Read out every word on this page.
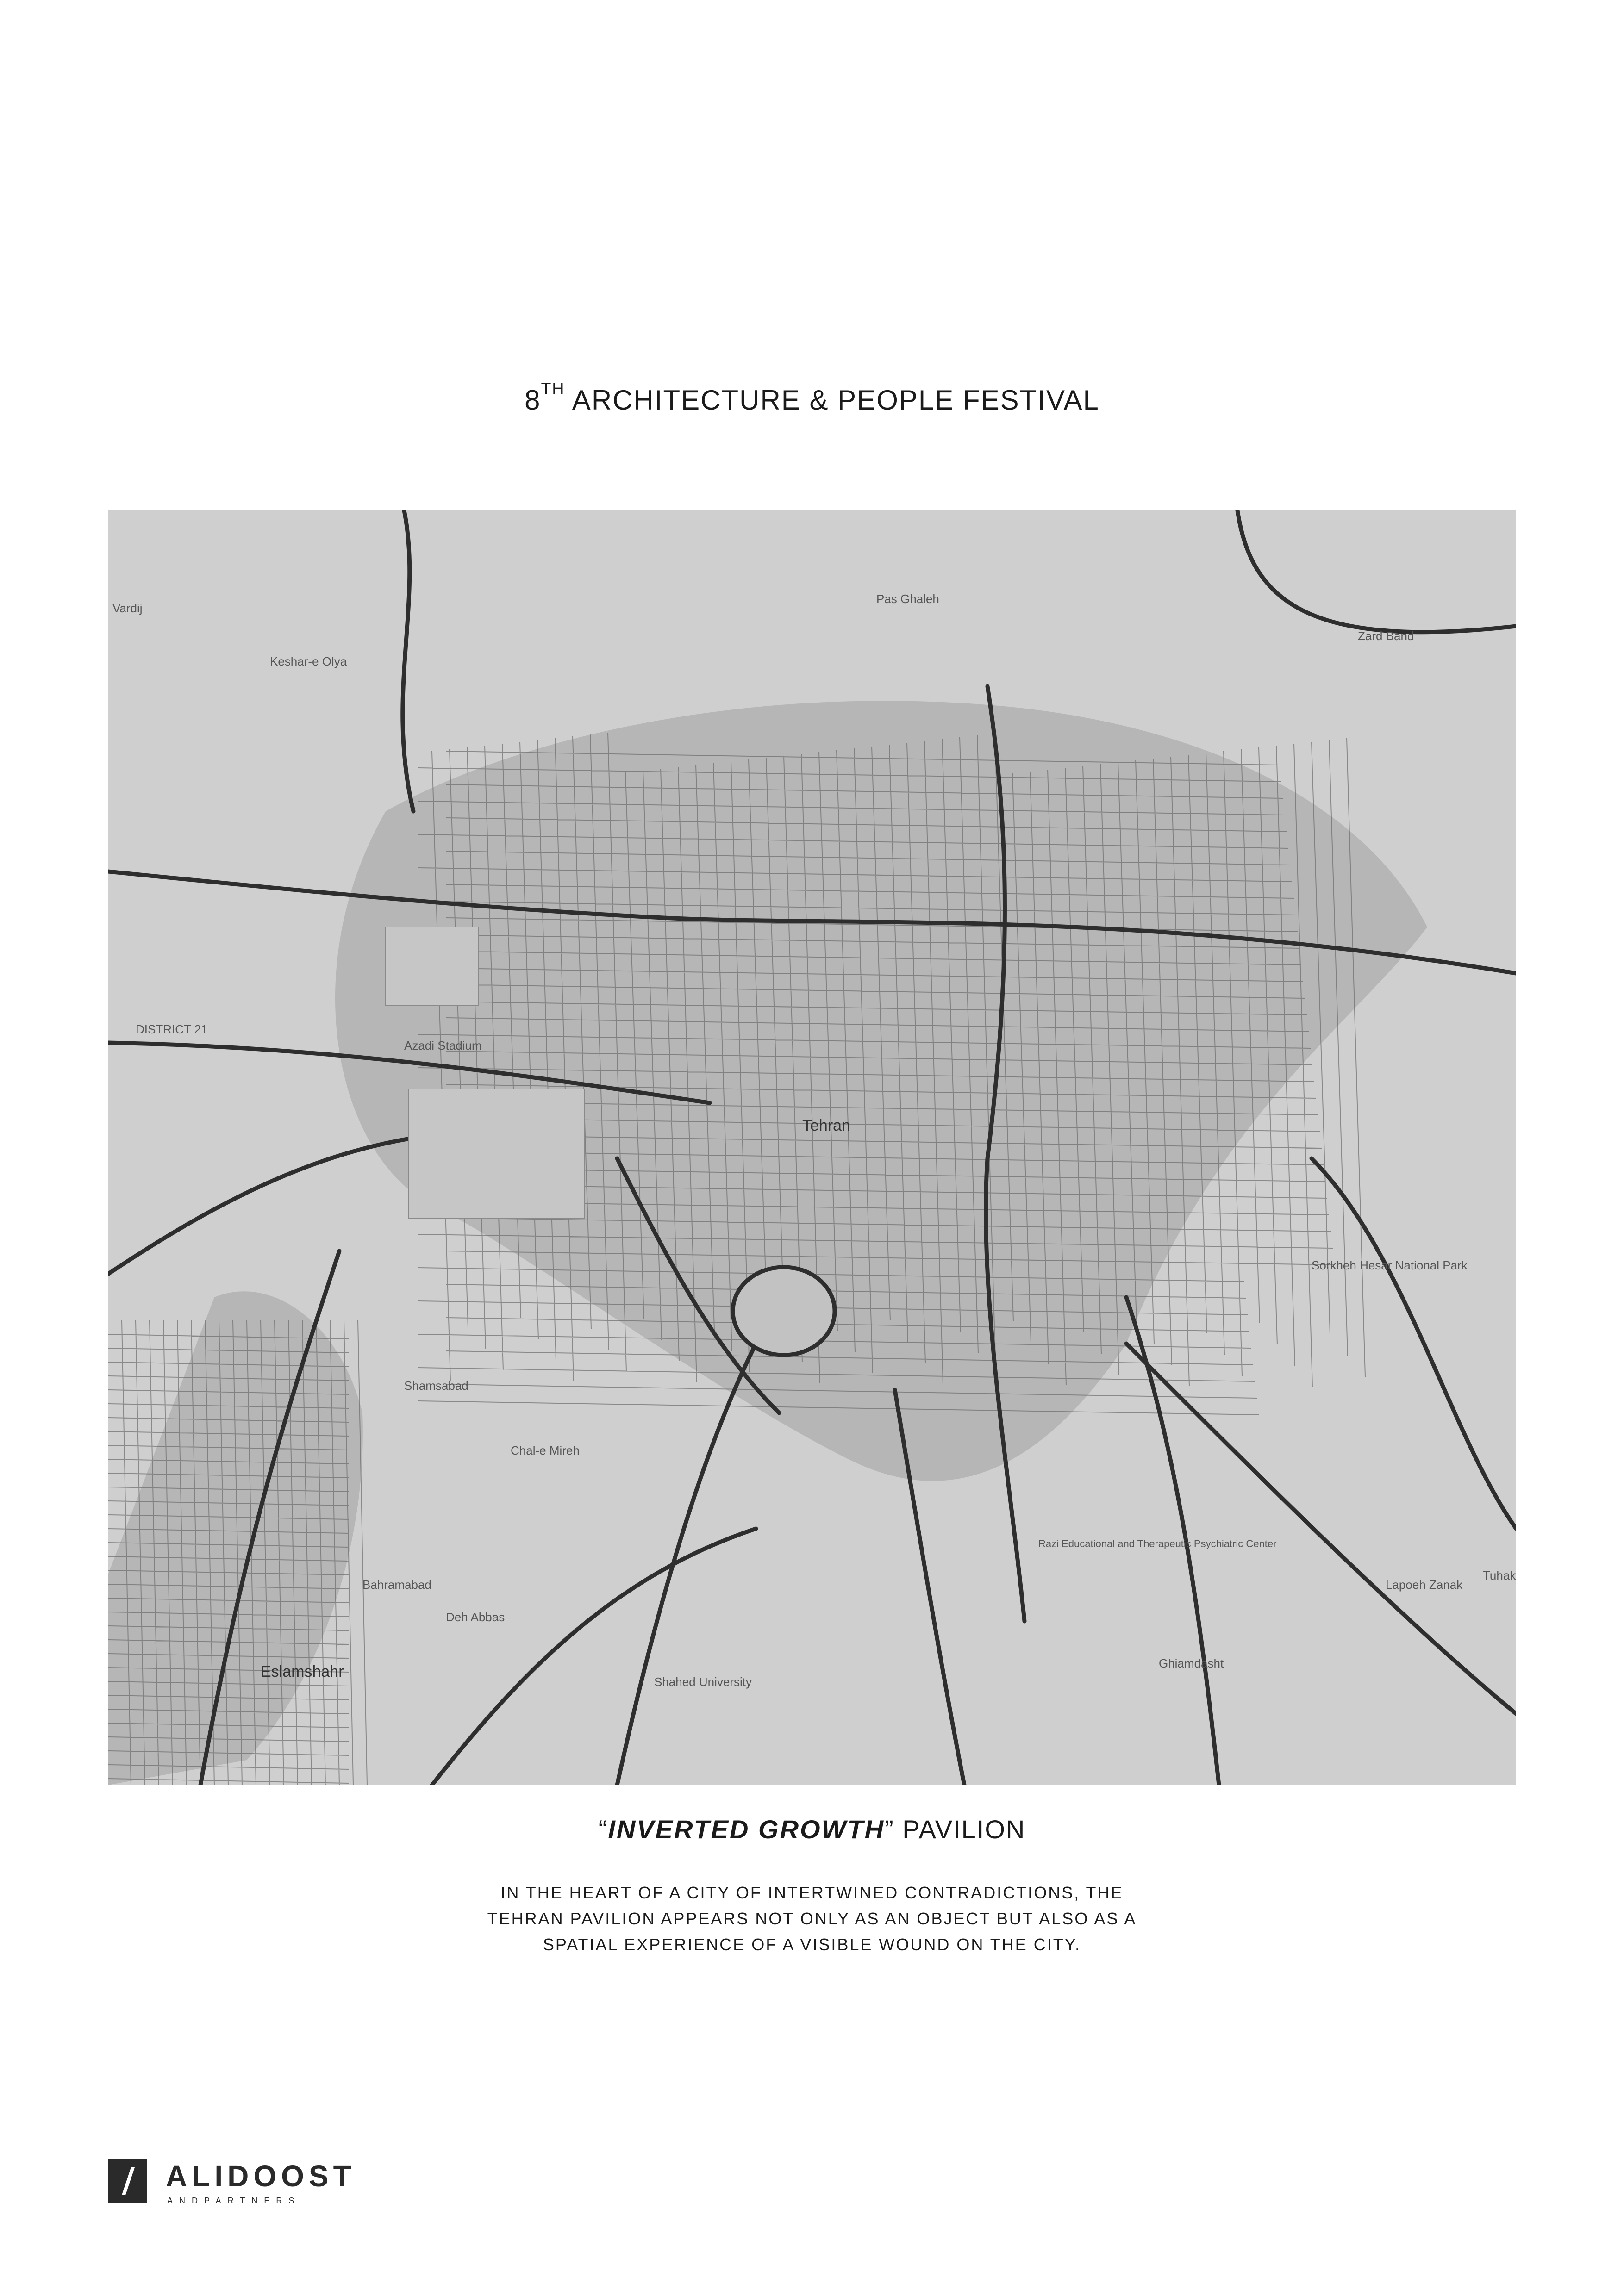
8TH ARCHITECTURE & PEOPLE FESTIVAL
Tehran
Azadi Stadium
Shamsabad
Eslamshahr
Bahramabad
Pas Ghaleh
Keshar-e Olya
Vardij
Sorkheh Hesar National Park
Lapoeh Zanak
Tuhak
Zard Band
DISTRICT 21
Shahed University
Razi Educational and Therapeutic Psychiatric Center
Ghiamdasht
Deh Abbas
Chal-e Mireh
“INVERTED GROWTH” PAVILION
IN THE HEART OF A CITY OF INTERTWINED CONTRADICTIONS, THE
TEHRAN PAVILION APPEARS NOT ONLY AS AN OBJECT BUT ALSO AS A
SPATIAL EXPERIENCE OF A VISIBLE WOUND ON THE CITY.
ALIDOOST
ANDPARTNERS
